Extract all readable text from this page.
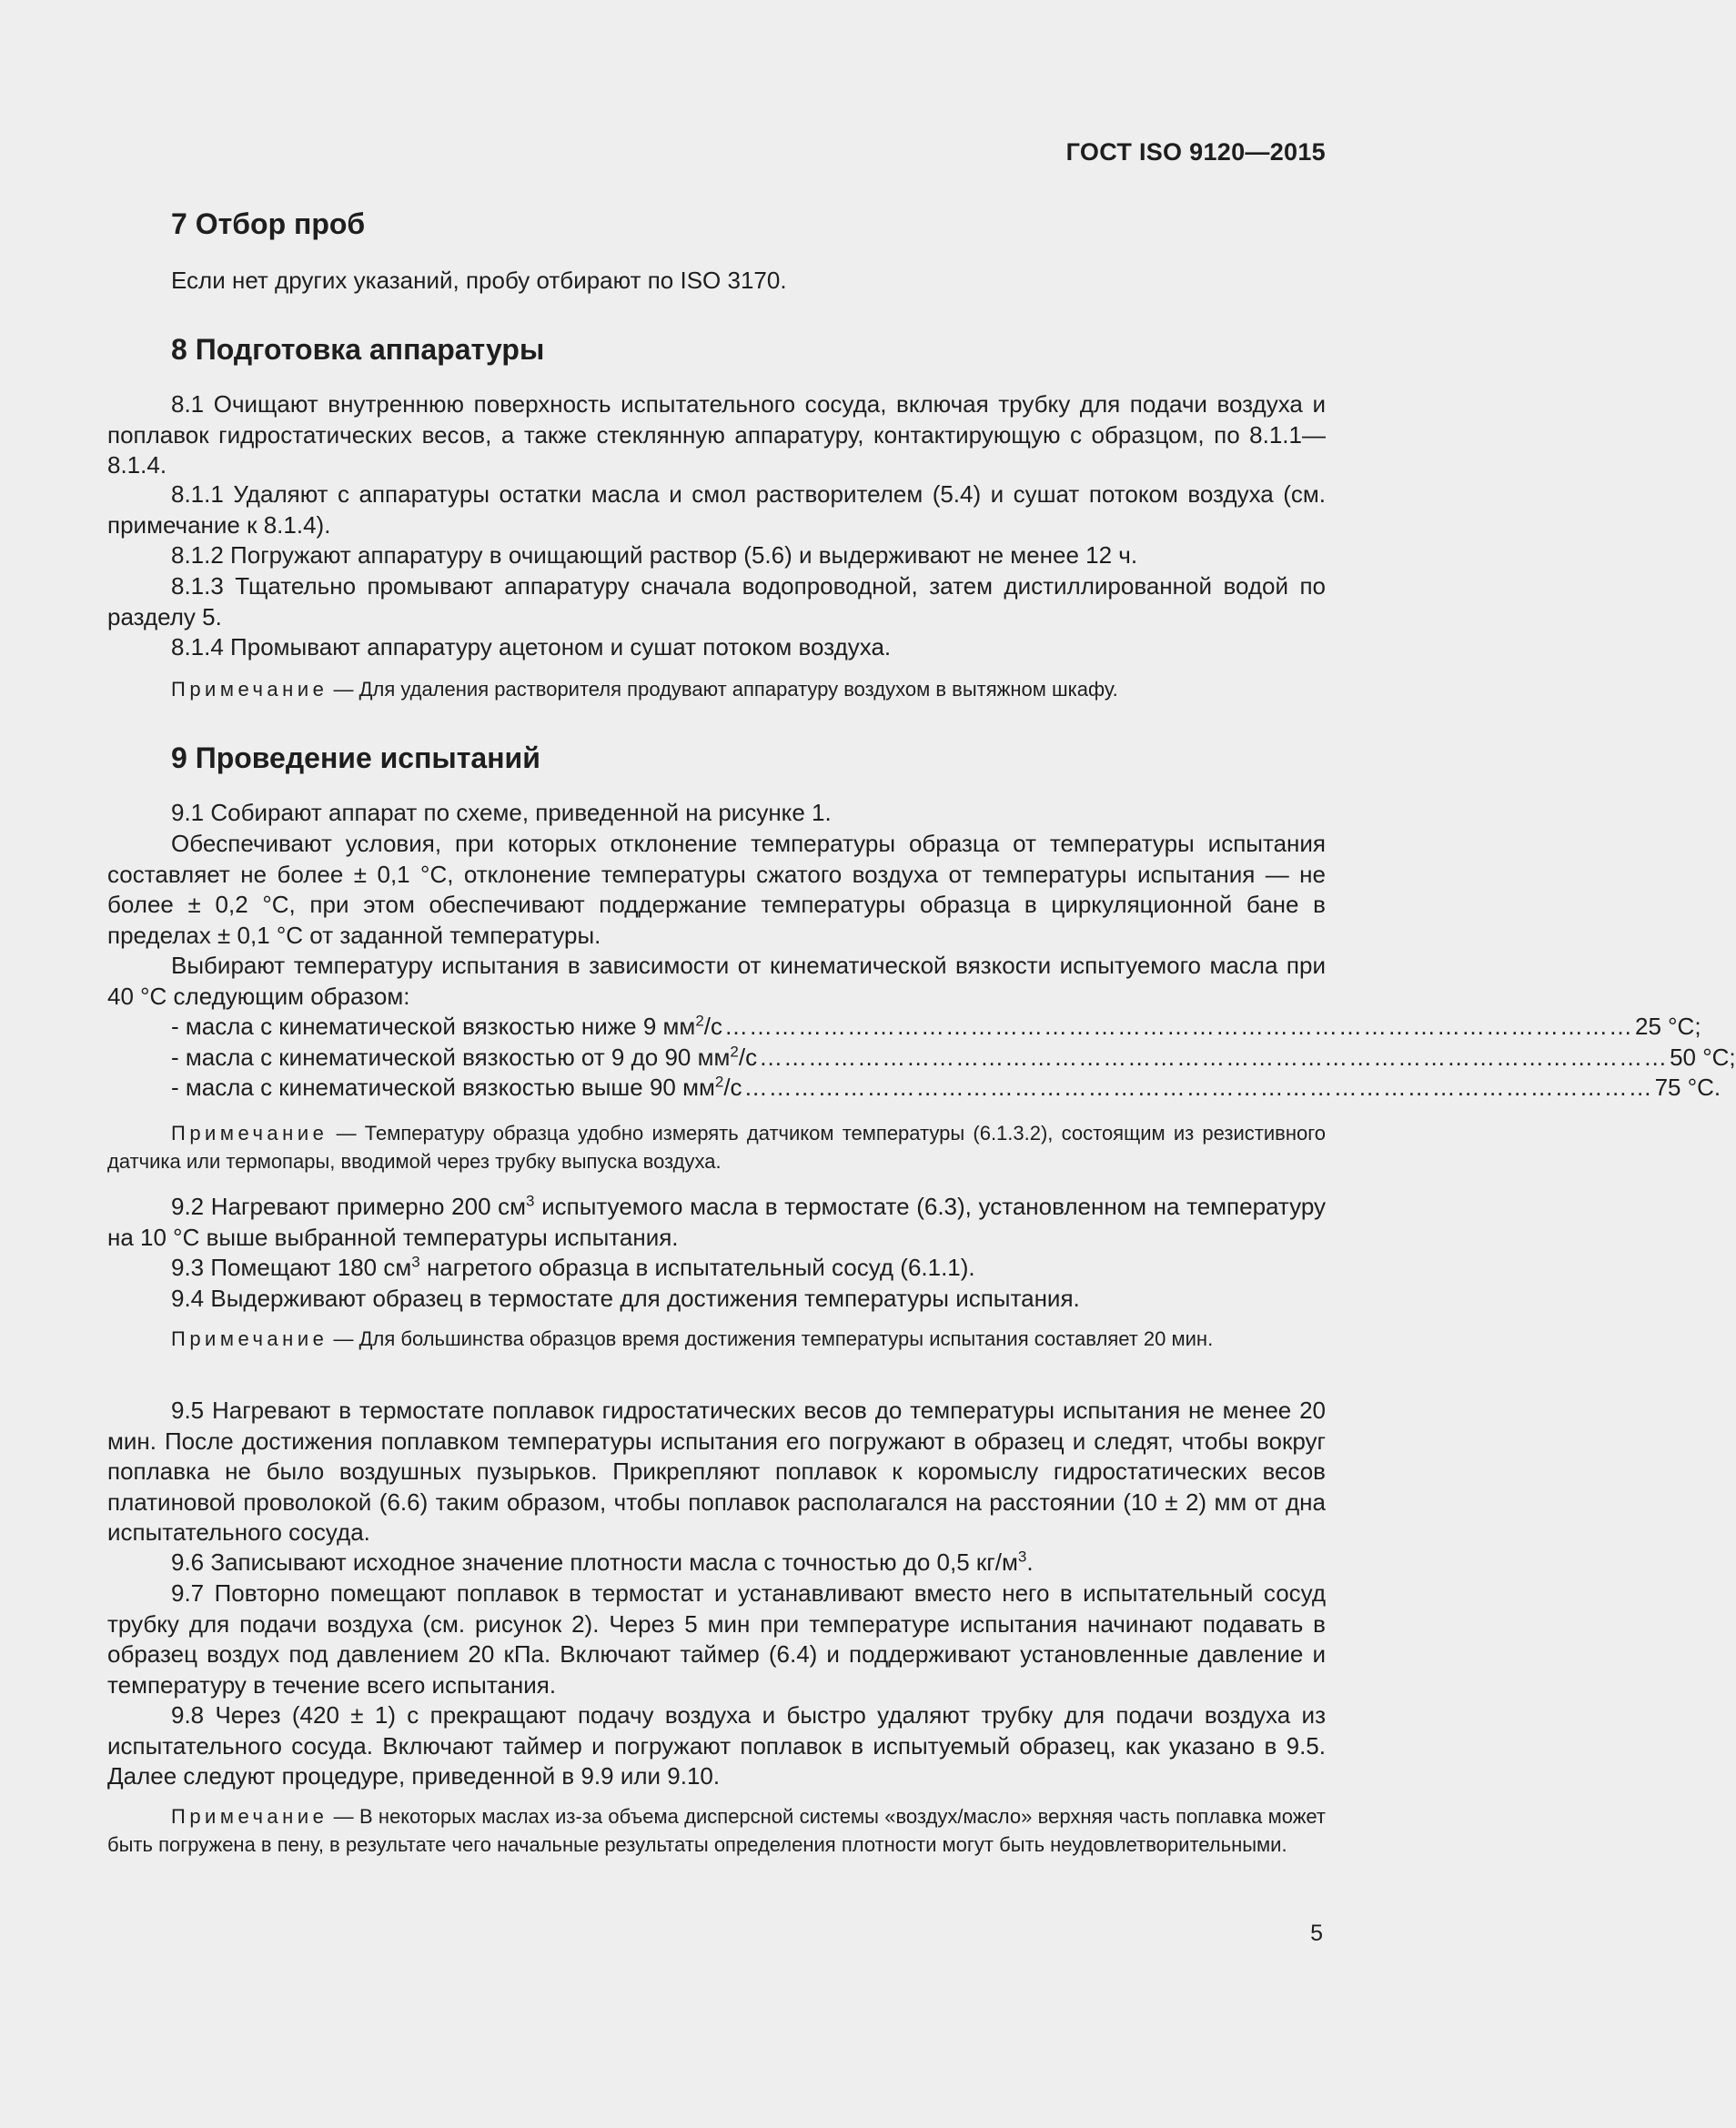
ГОСТ ISO 9120—2015
7 Отбор проб

Если нет других указаний, пробу отбирают по ISO 3170.

8 Подготовка аппаратуры

8.1 Очищают внутреннюю поверхность испытательного сосуда, включая трубку для подачи воздуха и поплавок гидростатических весов, а также стеклянную аппаратуру, контактирующую с образцом, по 8.1.1—8.1.4.

8.1.1 Удаляют с аппаратуры остатки масла и смол растворителем (5.4) и сушат потоком воздуха (см. примечание к 8.1.4).

8.1.2 Погружают аппаратуру в очищающий раствор (5.6) и выдерживают не менее 12 ч.

8.1.3 Тщательно промывают аппаратуру сначала водопроводной, затем дистиллированной водой по разделу 5.

8.1.4 Промывают аппаратуру ацетоном и сушат потоком воздуха.

Примечание — Для удаления растворителя продувают аппаратуру воздухом в вытяжном шкафу.

9 Проведение испытаний

9.1 Собирают аппарат по схеме, приведенной на рисунке 1.

Обеспечивают условия, при которых отклонение температуры образца от температуры испытания составляет не более ± 0,1 °С, отклонение температуры сжатого воздуха от температуры испытания — не более ± 0,2 °С, при этом обеспечивают поддержание температуры образца в циркуляционной бане в пределах ± 0,1 °С от заданной температуры.

Выбирают температуру испытания в зависимости от кинематической вязкости испытуемого масла при 40 °С следующим образом:

- масла с кинематической вязкостью ниже 9 $мм^2/с$ ………………………………………………………………………………………………… 25 °С;
- масла с кинематической вязкостью от 9 до 90 $мм^2/с$ ………………………………………………………………………………………………… 50 °С;
- масла с кинематической вязкостью выше 90 $мм^2/с$ ………………………………………………………………………………………………… 75 °С.

Примечание — Температуру образца удобно измерять датчиком температуры (6.1.3.2), состоящим из резистивного датчика или термопары, вводимой через трубку выпуска воздуха.

9.2 Нагревают примерно 200 $см^3$ испытуемого масла в термостате (6.3), установленном на температуру на 10 °С выше выбранной температуры испытания.

9.3 Помещают 180 $см^3$ нагретого образца в испытательный сосуд (6.1.1).

9.4 Выдерживают образец в термостате для достижения температуры испытания.

Примечание — Для большинства образцов время достижения температуры испытания составляет 20 мин.

9.5 Нагревают в термостате поплавок гидростатических весов до температуры испытания не менее 20 мин. После достижения поплавком температуры испытания его погружают в образец и следят, чтобы вокруг поплавка не было воздушных пузырьков. Прикрепляют поплавок к коромыслу гидростатических весов платиновой проволокой (6.6) таким образом, чтобы поплавок располагался на расстоянии (10 ± 2) мм от дна испытательного сосуда.

9.6 Записывают исходное значение плотности масла с точностью до 0,5 $кг/м^3$.

9.7 Повторно помещают поплавок в термостат и устанавливают вместо него в испытательный сосуд трубку для подачи воздуха (см. рисунок 2). Через 5 мин при температуре испытания начинают подавать в образец воздух под давлением 20 кПа. Включают таймер (6.4) и поддерживают установленные давление и температуру в течение всего испытания.

9.8 Через (420 ± 1) с прекращают подачу воздуха и быстро удаляют трубку для подачи воздуха из испытательного сосуда. Включают таймер и погружают поплавок в испытуемый образец, как указано в 9.5. Далее следуют процедуре, приведенной в 9.9 или 9.10.

Примечание — В некоторых маслах из-за объема дисперсной системы «воздух/масло» верхняя часть поплавка может быть погружена в пену, в результате чего начальные результаты определения плотности могут быть неудовлетворительными.

5
